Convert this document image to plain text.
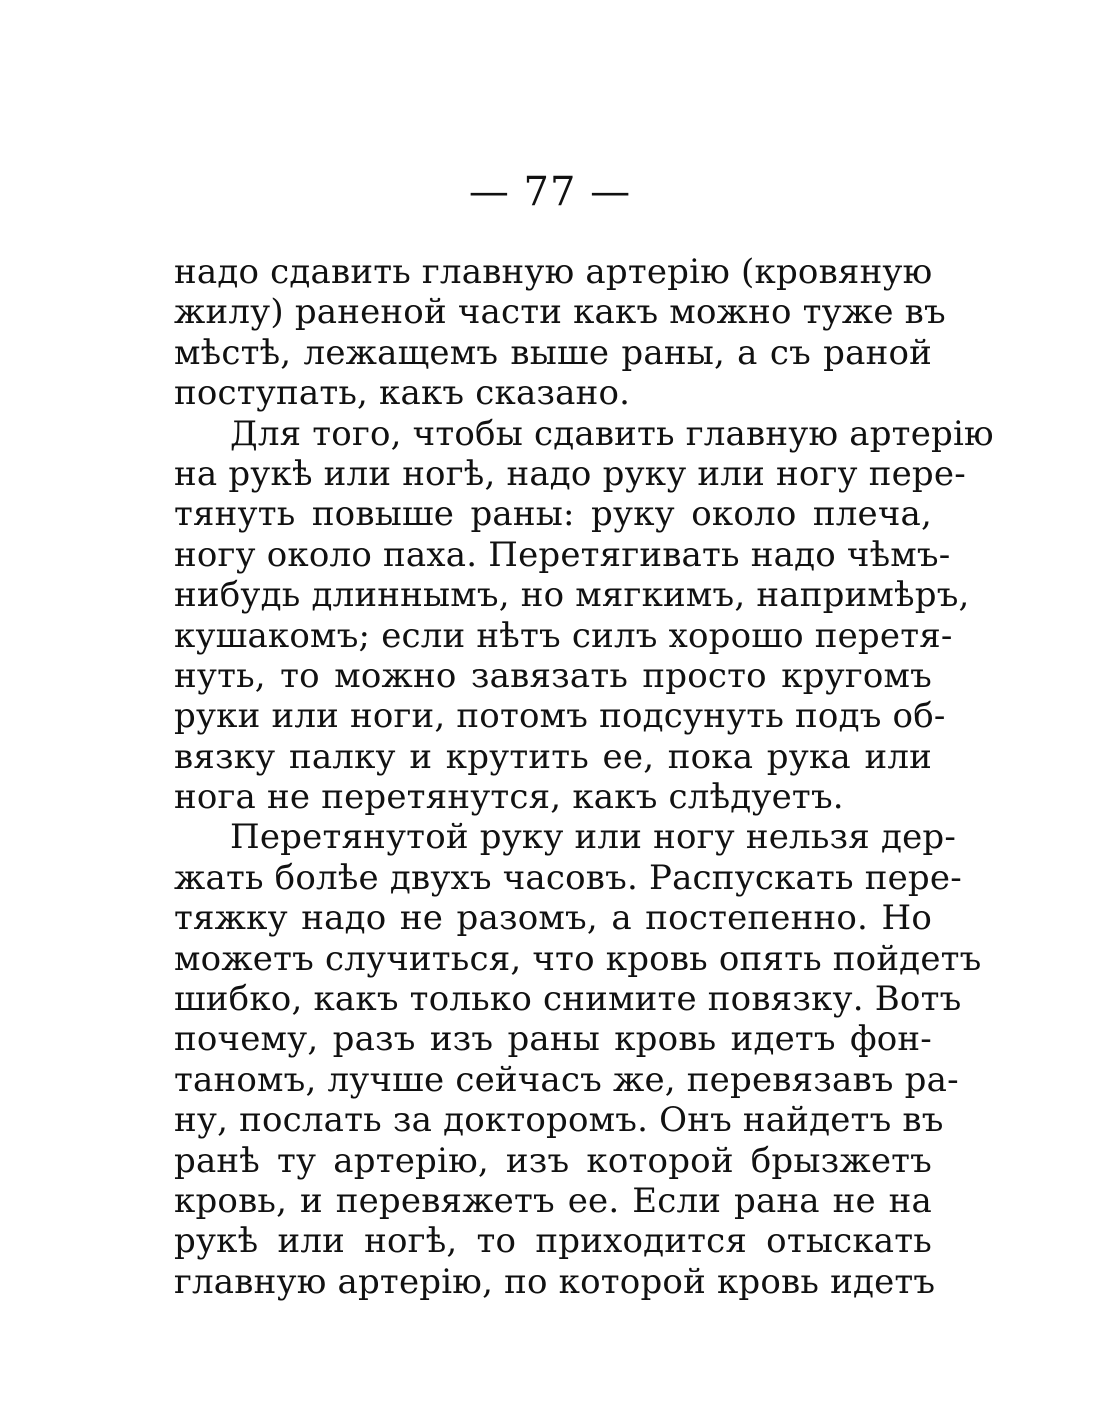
— 77 —
надо сдавить главную артерію (кровяную
жилу) раненой части какъ можно туже въ
мѣстѣ, лежащемъ выше раны, а съ раной
поступать, какъ сказано.
Для того, чтобы сдавить главную артерію
на рукѣ или ногѣ, надо руку или ногу пере-
тянуть повыше раны: руку около плеча,
ногу около паха. Перетягивать надо чѣмъ-
нибудь длиннымъ, но мягкимъ, напримѣръ,
кушакомъ; если нѣтъ силъ хорошо перетя-
нуть, то можно завязать просто кругомъ
руки или ноги, потомъ подсунуть подъ об-
вязку палку и крутить ее, пока рука или
нога не перетянутся, какъ слѣдуетъ.
Перетянутой руку или ногу нельзя дер-
жать болѣе двухъ часовъ. Распускать пере-
тяжку надо не разомъ, а постепенно. Но
можетъ случиться, что кровь опять пойдетъ
шибко, какъ только снимите повязку. Вотъ
почему, разъ изъ раны кровь идетъ фон-
таномъ, лучше сейчасъ же, перевязавъ ра-
ну, послать за докторомъ. Онъ найдетъ въ
ранѣ ту артерію, изъ которой брызжетъ
кровь, и перевяжетъ ее. Если рана не на
рукѣ или ногѣ, то приходится отыскать
главную артерію, по которой кровь идетъ
